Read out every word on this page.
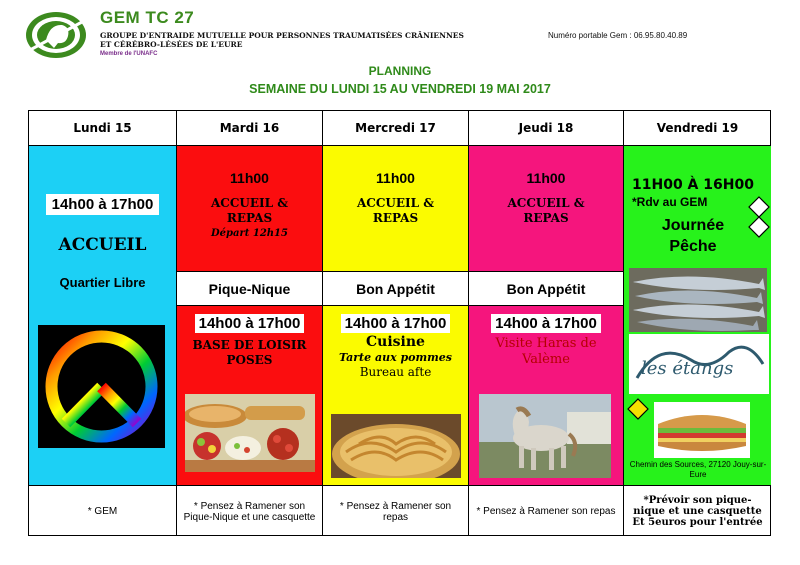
GEM TC 27
GROUPE D'ENTRAIDE MUTUELLE POUR PERSONNES TRAUMATISÉES CRÂNIENNES
ET CÉRÉBRO-LÉSÉES DE L'EURE
Membre de l'UNAFC
Numéro portable Gem : 06.95.80.40.89
PLANNING
SEMAINE DU LUNDI 15 AU VENDREDI 19 MAI 2017
Lundi 15
14h00 à 17h00
ACCUEIL
Quartier Libre
* GEM
Mardi 16
11h00
ACCUEIL & REPAS
Départ 12h15
Pique-Nique
14h00 à 17h00
BASE DE LOISIR POSES
* Pensez à Ramener son Pique-Nique et une casquette
Mercredi 17
11h00
ACCUEIL & REPAS
Bon Appétit
14h00 à 17h00
Cuisine
Tarte aux pommes
Bureau afte
* Pensez à Ramener son repas
Jeudi 18
11h00
ACCUEIL & REPAS
Bon Appétit
14h00 à 17h00
Visite Haras de Valème
* Pensez à Ramener son repas
Vendredi 19
11H00 À 16H00
*Rdv au GEM
Journée Pêche
les étangs
Chemin des Sources, 27120 Jouy-sur-Eure
*Prévoir son pique-nique et une casquette Et 5euros pour l'entrée
